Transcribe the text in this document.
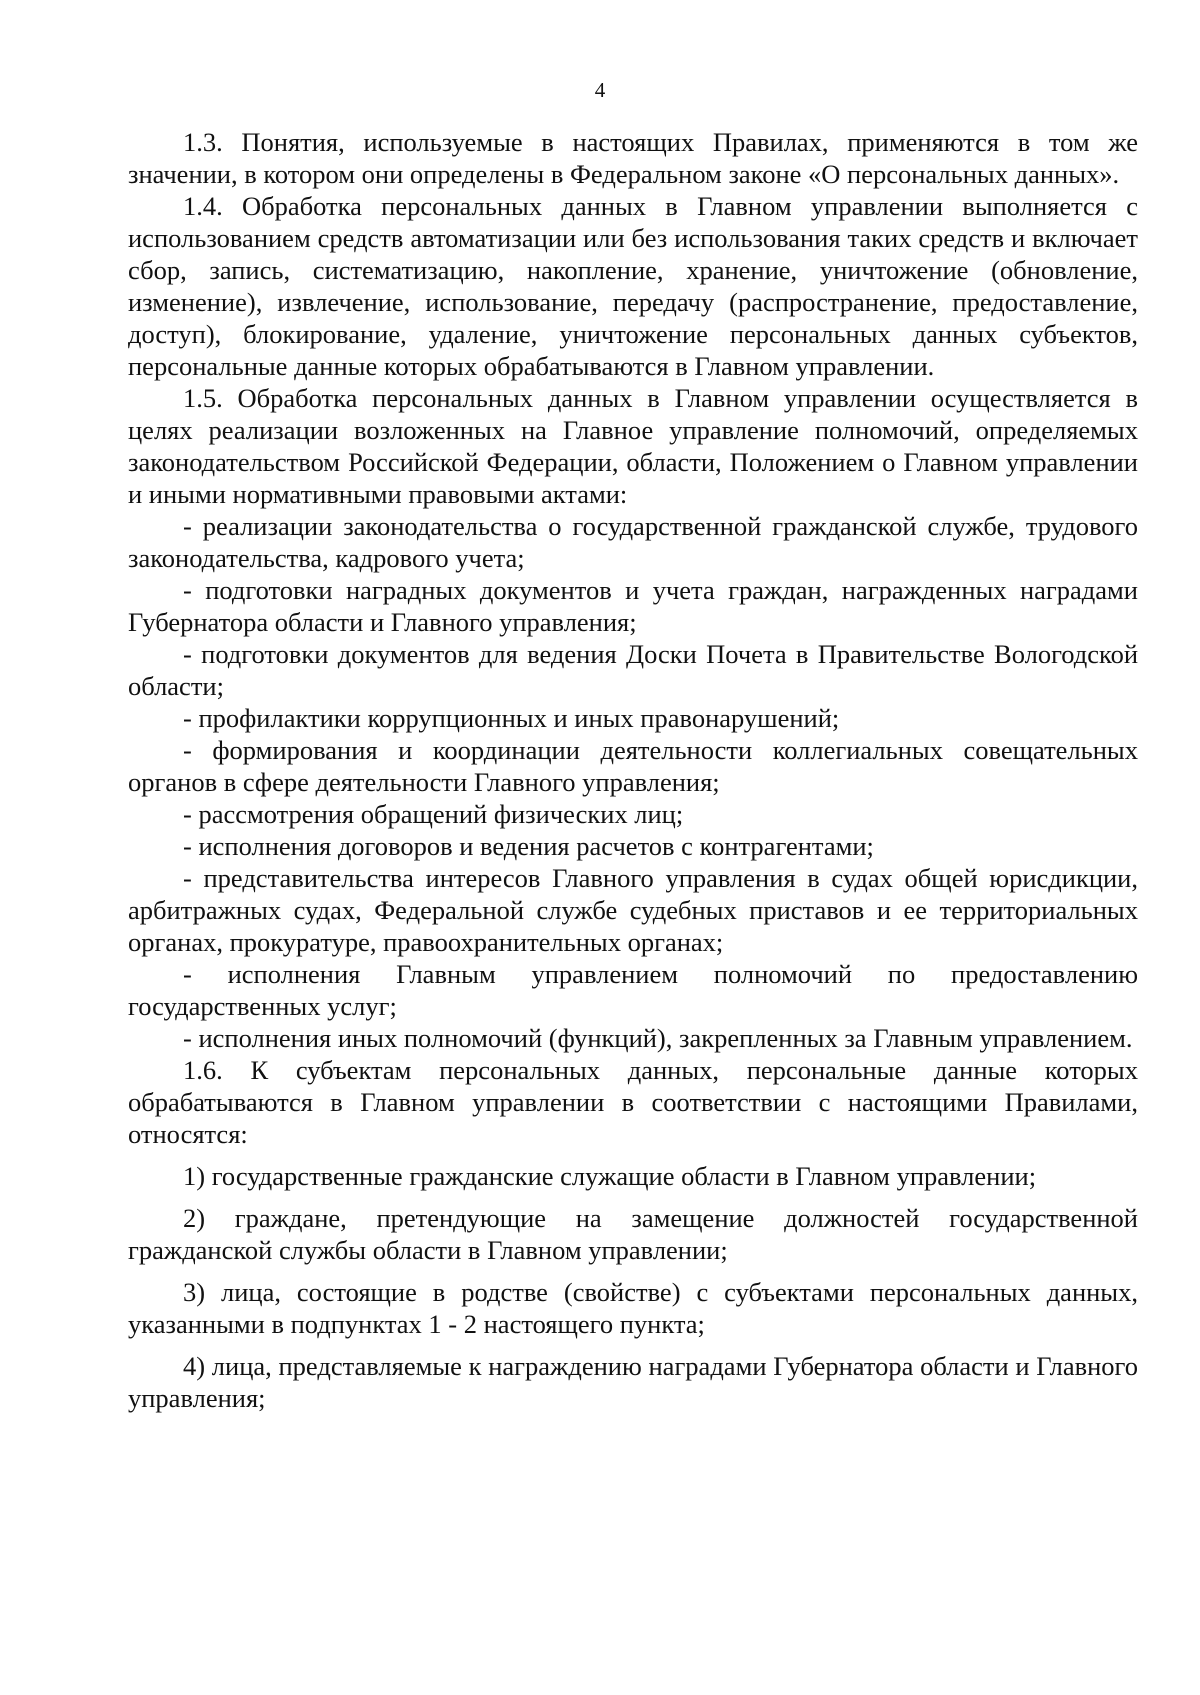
4

1.3. Понятия, используемые в настоящих Правилах, применяются в том же значении, в котором они определены в Федеральном законе «О персональных данных».

1.4. Обработка персональных данных в Главном управлении выполняется с использованием средств автоматизации или без использования таких средств и включает сбор, запись, систематизацию, накопление, хранение, уничтожение (обновление, изменение), извлечение, использование, передачу (распространение, предоставление, доступ), блокирование, удаление, уничтожение персональных данных субъектов, персональные данные которых обрабатываются в Главном управлении.

1.5. Обработка персональных данных в Главном управлении осуществляется в целях реализации возложенных на Главное управление полномочий, определяемых законодательством Российской Федерации, области, Положением о Главном управлении и иными нормативными правовыми актами:

- реализации законодательства о государственной гражданской службе, трудового законодательства, кадрового учета;

- подготовки наградных документов и учета граждан, награжденных наградами Губернатора области и Главного управления;

- подготовки документов для ведения Доски Почета в Правительстве Вологодской области;

- профилактики коррупционных и иных правонарушений;

- формирования и координации деятельности коллегиальных совещательных органов в сфере деятельности Главного управления;

- рассмотрения обращений физических лиц;

- исполнения договоров и ведения расчетов с контрагентами;

- представительства интересов Главного управления в судах общей юрисдикции, арбитражных судах, Федеральной службе судебных приставов и ее территориальных органах, прокуратуре, правоохранительных органах;

- исполнения Главным управлением полномочий по предоставлению государственных услуг;

- исполнения иных полномочий (функций), закрепленных за Главным управлением.

1.6. К субъектам персональных данных, персональные данные которых обрабатываются в Главном управлении в соответствии с настоящими Правилами, относятся:

1) государственные гражданские служащие области в Главном управлении;

2) граждане, претендующие на замещение должностей государственной гражданской службы области в Главном управлении;

3) лица, состоящие в родстве (свойстве) с субъектами персональных данных, указанными в подпунктах 1 - 2 настоящего пункта;

4) лица, представляемые к награждению наградами Губернатора области и Главного управления;
